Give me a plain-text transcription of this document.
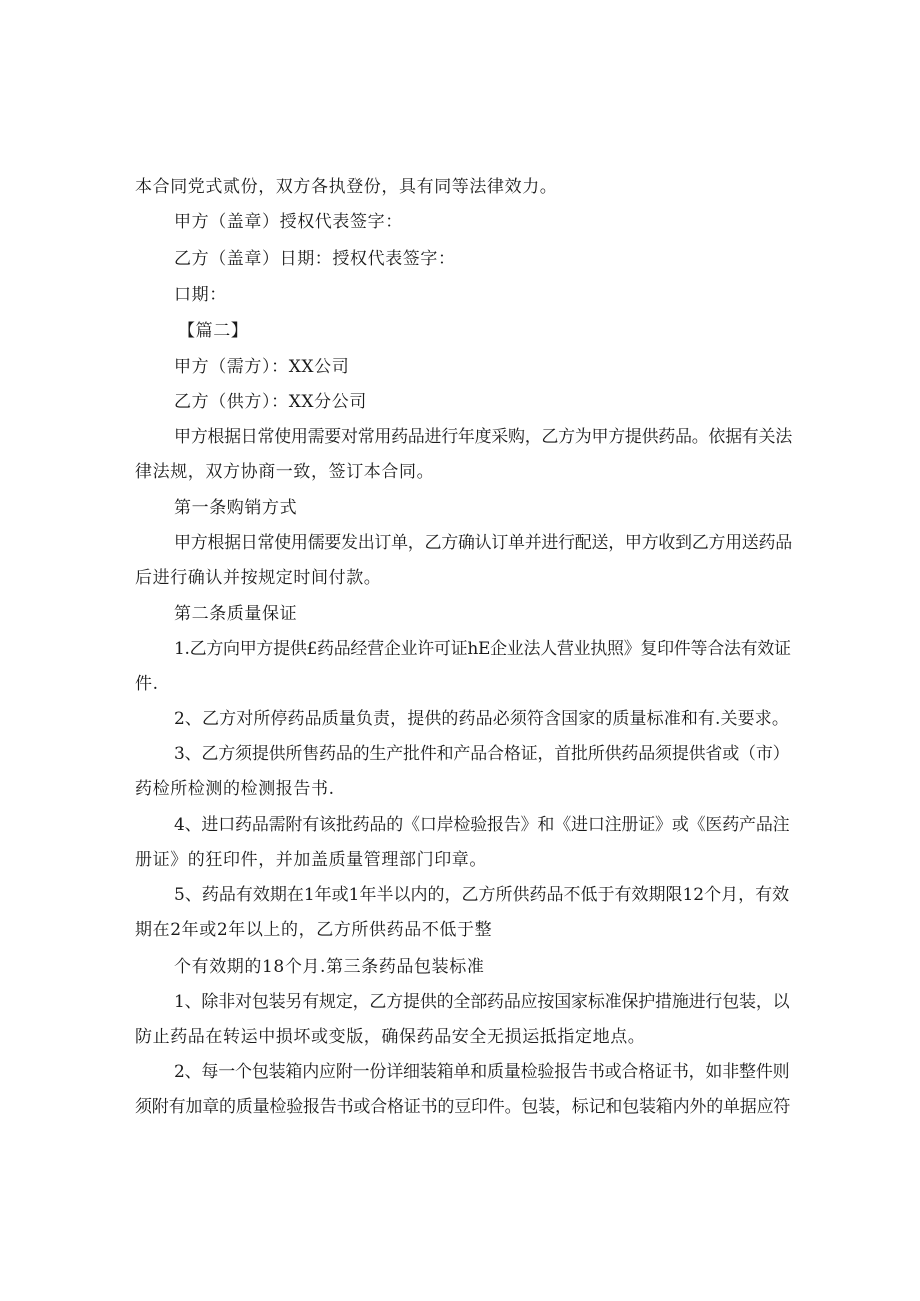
本合同党式贰份，双方各执登份，具有同等法律效力。
甲方（盖章）授权代表签字：
乙方（盖章）日期：授权代表签字：
口期：
【篇二】
甲方（需方）：XX公司
乙方（供方）：XX分公司
甲方根据日常使用需要对常用药品进行年度采购，乙方为甲方提供药品。依据有关法
律法规，双方协商一致，签订本合同。
第一条购销方式
甲方根据日常使用儒要发出订单，乙方确认订单并进行配送，甲方收到乙方用送药品
后进行确认并按规定时间付款。
第二条质量保证
1.乙方向甲方提供£药品经营企业许可证hE企业法人营业执照》复印件等合法有效证
件.
2、乙方对所停药品质量负责，提供的药品必须符含国家的质量标准和有.关要求。
3、乙方须提供所售药品的生产批件和产品合格证，首批所供药品须提供省或（市）
药检所检测的检测报告书.
4、进口药品需附有该批药品的《口岸检验报告》和《进口注册证》或《医药产品注
册证》的狂印件，并加盖质量管理部门印章。
5、药品有效期在1年或1年半以内的，乙方所供药品不低于有效期限12个月，有效
期在2年或2年以上的，乙方所供药品不低于整
个有效期的18个月.第三条药品包装标准
1、除非对包装另有规定，乙方提供的全部药品应按国家标准保护措施进行包装，以
防止药品在转运中损坏或变版，确保药品安全无损运抵指定地点。
2、每一个包装箱内应附一份详细装箱单和质量检验报告书或合格证书，如非整件则
须附有加章的质量检验报告书或合格证书的豆印件。包装，标记和包装箱内外的单据应符
